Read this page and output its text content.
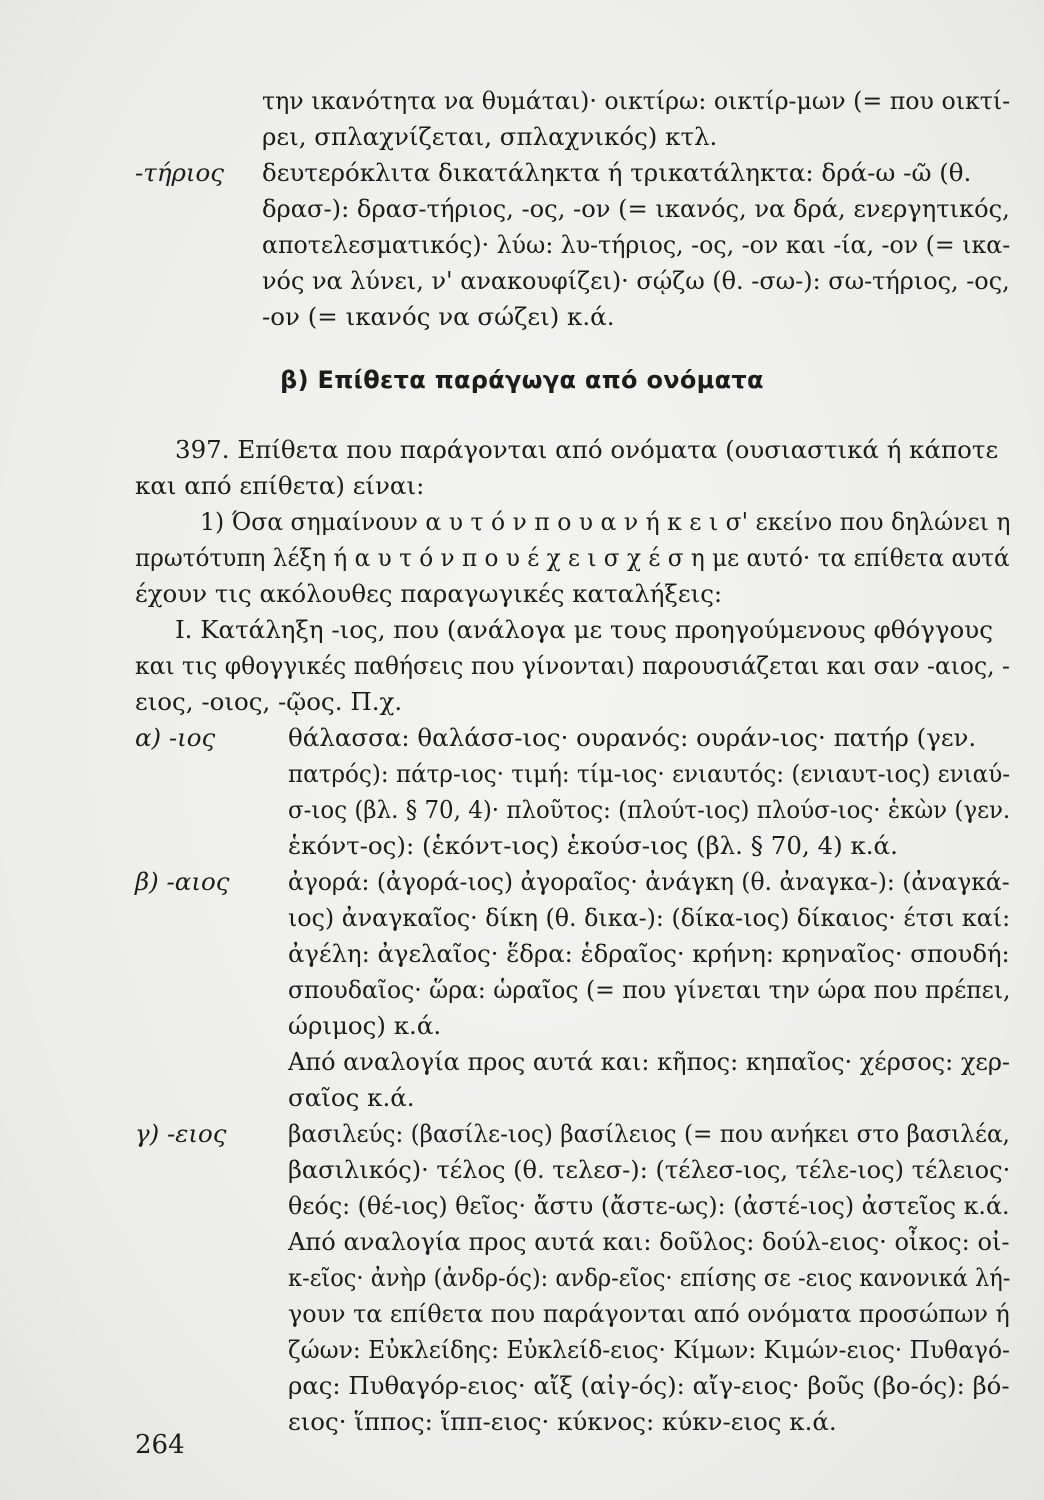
την ικανότητα να θυμάται)· οικτίρω: οικτίρ-μων (= που οικτί-
ρει, σπλαχνίζεται, σπλαχνικός) κτλ.
-τήριος δευτερόκλιτα δικατάληκτα ή τρικατάληκτα: δρά-ω -ῶ (θ.
δρασ-): δρασ-τήριος, -ος, -ον (= ικανός, να δρά, ενεργητικός,
αποτελεσματικός)· λύω: λυ-τήριος, -ος, -ον και -ία, -ον (= ικα-
νός να λύνει, ν' ανακουφίζει)· σῴζω (θ. -σω-): σω-τήριος, -ος,
-ον (= ικανός να σώζει) κ.ά.
β) Επίθετα παράγωγα από ονόματα
397. Επίθετα που παράγονται από ονόματα (ουσιαστικά ή κάποτε
και από επίθετα) είναι:
1) Όσα σημαίνουν α υ τ ό ν π ο υ α ν ή κ ε ι σ' εκείνο που δηλώνει η
πρωτότυπη λέξη ή α υ τ ό ν π ο υ έ χ ε ι σ χ έ σ η με αυτό· τα επίθετα αυτά
έχουν τις ακόλουθες παραγωγικές καταλήξεις:
I. Κατάληξη -ιος, που (ανάλογα με τους προηγούμενους φθόγγους
και τις φθογγικές παθήσεις που γίνονται) παρουσιάζεται και σαν -αιος, -
ειος, -οιος, -ῷος. Π.χ.
α) -ιος	θάλασσα: θαλάσσ-ιος· ουρανός: ουράν-ιος· πατήρ (γεν.
πατρός): πάτρ-ιος· τιμή: τίμ-ιος· ενιαυτός: (ενιαυτ-ιος) ενιαύ-
σ-ιος (βλ. § 70, 4)· πλοῦτος: (πλούτ-ιος) πλούσ-ιος· ἑκὼν (γεν.
ἑκόντ-ος): (ἑκόντ-ιος) ἑκούσ-ιος (βλ. § 70, 4) κ.ά.
β) -αιος ἀγορά: (ἀγορά-ιος) ἀγοραῖος· ἀνάγκη (θ. ἀναγκα-): (ἀναγκά-
ιος) ἀναγκαῖος· δίκη (θ. δικα-): (δίκα-ιος) δίκαιος· έτσι καί:
ἀγέλη: ἀγελαῖος· ἕδρα: ἑδραῖος· κρήνη: κρηναῖος· σπουδή:
σπουδαῖος· ὥρα: ὡραῖος (= που γίνεται την ώρα που πρέπει,
ώριμος) κ.ά.
Από αναλογία προς αυτά και: κῆπος: κηπαῖος· χέρσος: χερ-
σαῖος κ.ά.
γ) -ειος	βασιλεύς: (βασίλε-ιος) βασίλειος (= που ανήκει στο βασιλέα,
βασιλικός)· τέλος (θ. τελεσ-): (τέλεσ-ιος, τέλε-ιος) τέλειος·
θεός: (θέ-ιος) θεῖος· ἄστυ (ἄστε-ως): (ἀστέ-ιος) ἀστεῖος κ.ά.
Από αναλογία προς αυτά και: δοῦλος: δούλ-ειος· οἶκος: οἰ-
κ-εῖος· ἀνὴρ (ἀνδρ-ός): ανδρ-εῖος· επίσης σε -ειος κανονικά λή-
γουν τα επίθετα που παράγονται από ονόματα προσώπων ή
ζώων: Εὐκλείδης: Εὐκλείδ-ειος· Κίμων: Κιμών-ειος· Πυθαγό-
ρας: Πυθαγόρ-ειος· αἴξ (αἰγ-ός): αἴγ-ειος· βοῦς (βο-ός): βό-
ειος· ἵππος: ἵππ-ειος· κύκνος: κύκν-ειος κ.ά.
264
